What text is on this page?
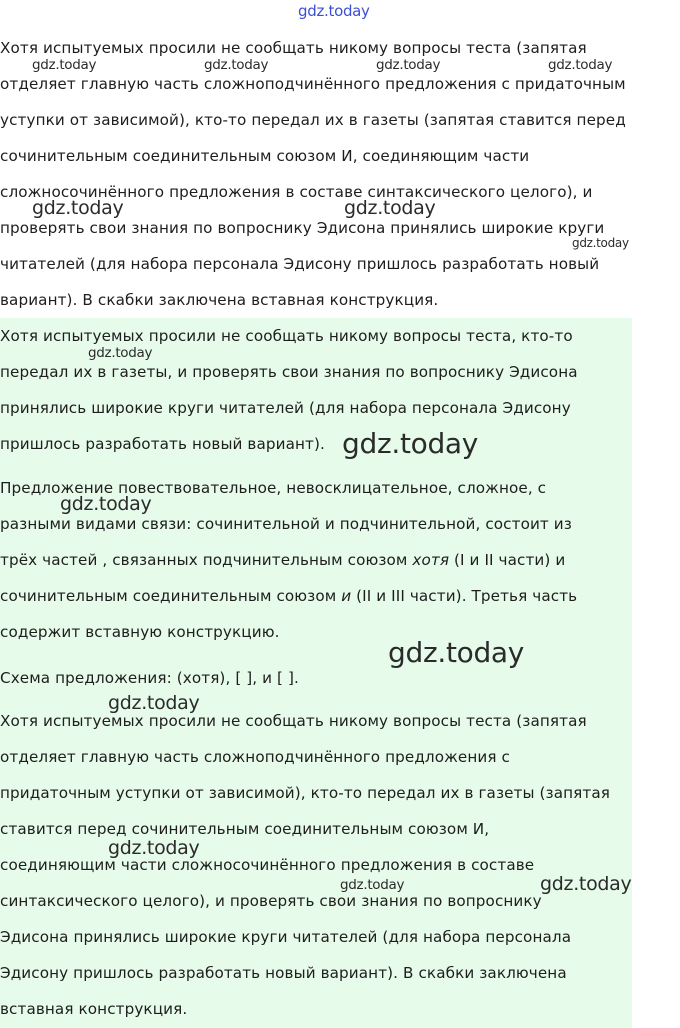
gdz.today

Хотя испытуемых просили не сообщать никому вопросы теста (запятая
отделяет главную часть сложноподчинённого предложения с придаточным
уступки от зависимой), кто-то передал их в газеты (запятая ставится перед
сочинительным соединительным союзом И, соединяющим части
сложносочинённого предложения в составе синтаксического целого), и
проверять свои знания по вопроснику Эдисона принялись широкие круги
читателей (для набора персонала Эдисону пришлось разработать новый
вариант). В скабки заключена вставная конструкция.

Хотя испытуемых просили не сообщать никому вопросы теста, кто-то
передал их в газеты, и проверять свои знания по вопроснику Эдисона
принялись широкие круги читателей (для набора персонала Эдисону
пришлось разработать новый вариант).

Предложение повествовательное, невосклицательное, сложное, с
разными видами связи: сочинительной и подчинительной, состоит из
трёх частей , связанных подчинительным союзом хотя (I и II части) и
сочинительным соединительным союзом и (II и III части). Третья часть
содержит вставную конструкцию.

Схема предложения: (хотя), [ ], и [ ].

Хотя испытуемых просили не сообщать никому вопросы теста (запятая
отделяет главную часть сложноподчинённого предложения с
придаточным уступки от зависимой), кто-то передал их в газеты (запятая
ставится перед сочинительным соединительным союзом И,
соединяющим части сложносочинённого предложения в составе
синтаксического целого), и проверять свои знания по вопроснику
Эдисона принялись широкие круги читателей (для набора персонала
Эдисону пришлось разработать новый вариант). В скабки заключена
вставная конструкция.

gdz.today	gdz.today	gdz.today	gdz.today
gdz.today	gdz.today
gdz.today
gdz.today
gdz.today
gdz.today
gdz.today
gdz.today
gdz.today
gdz.today	gdz.today
